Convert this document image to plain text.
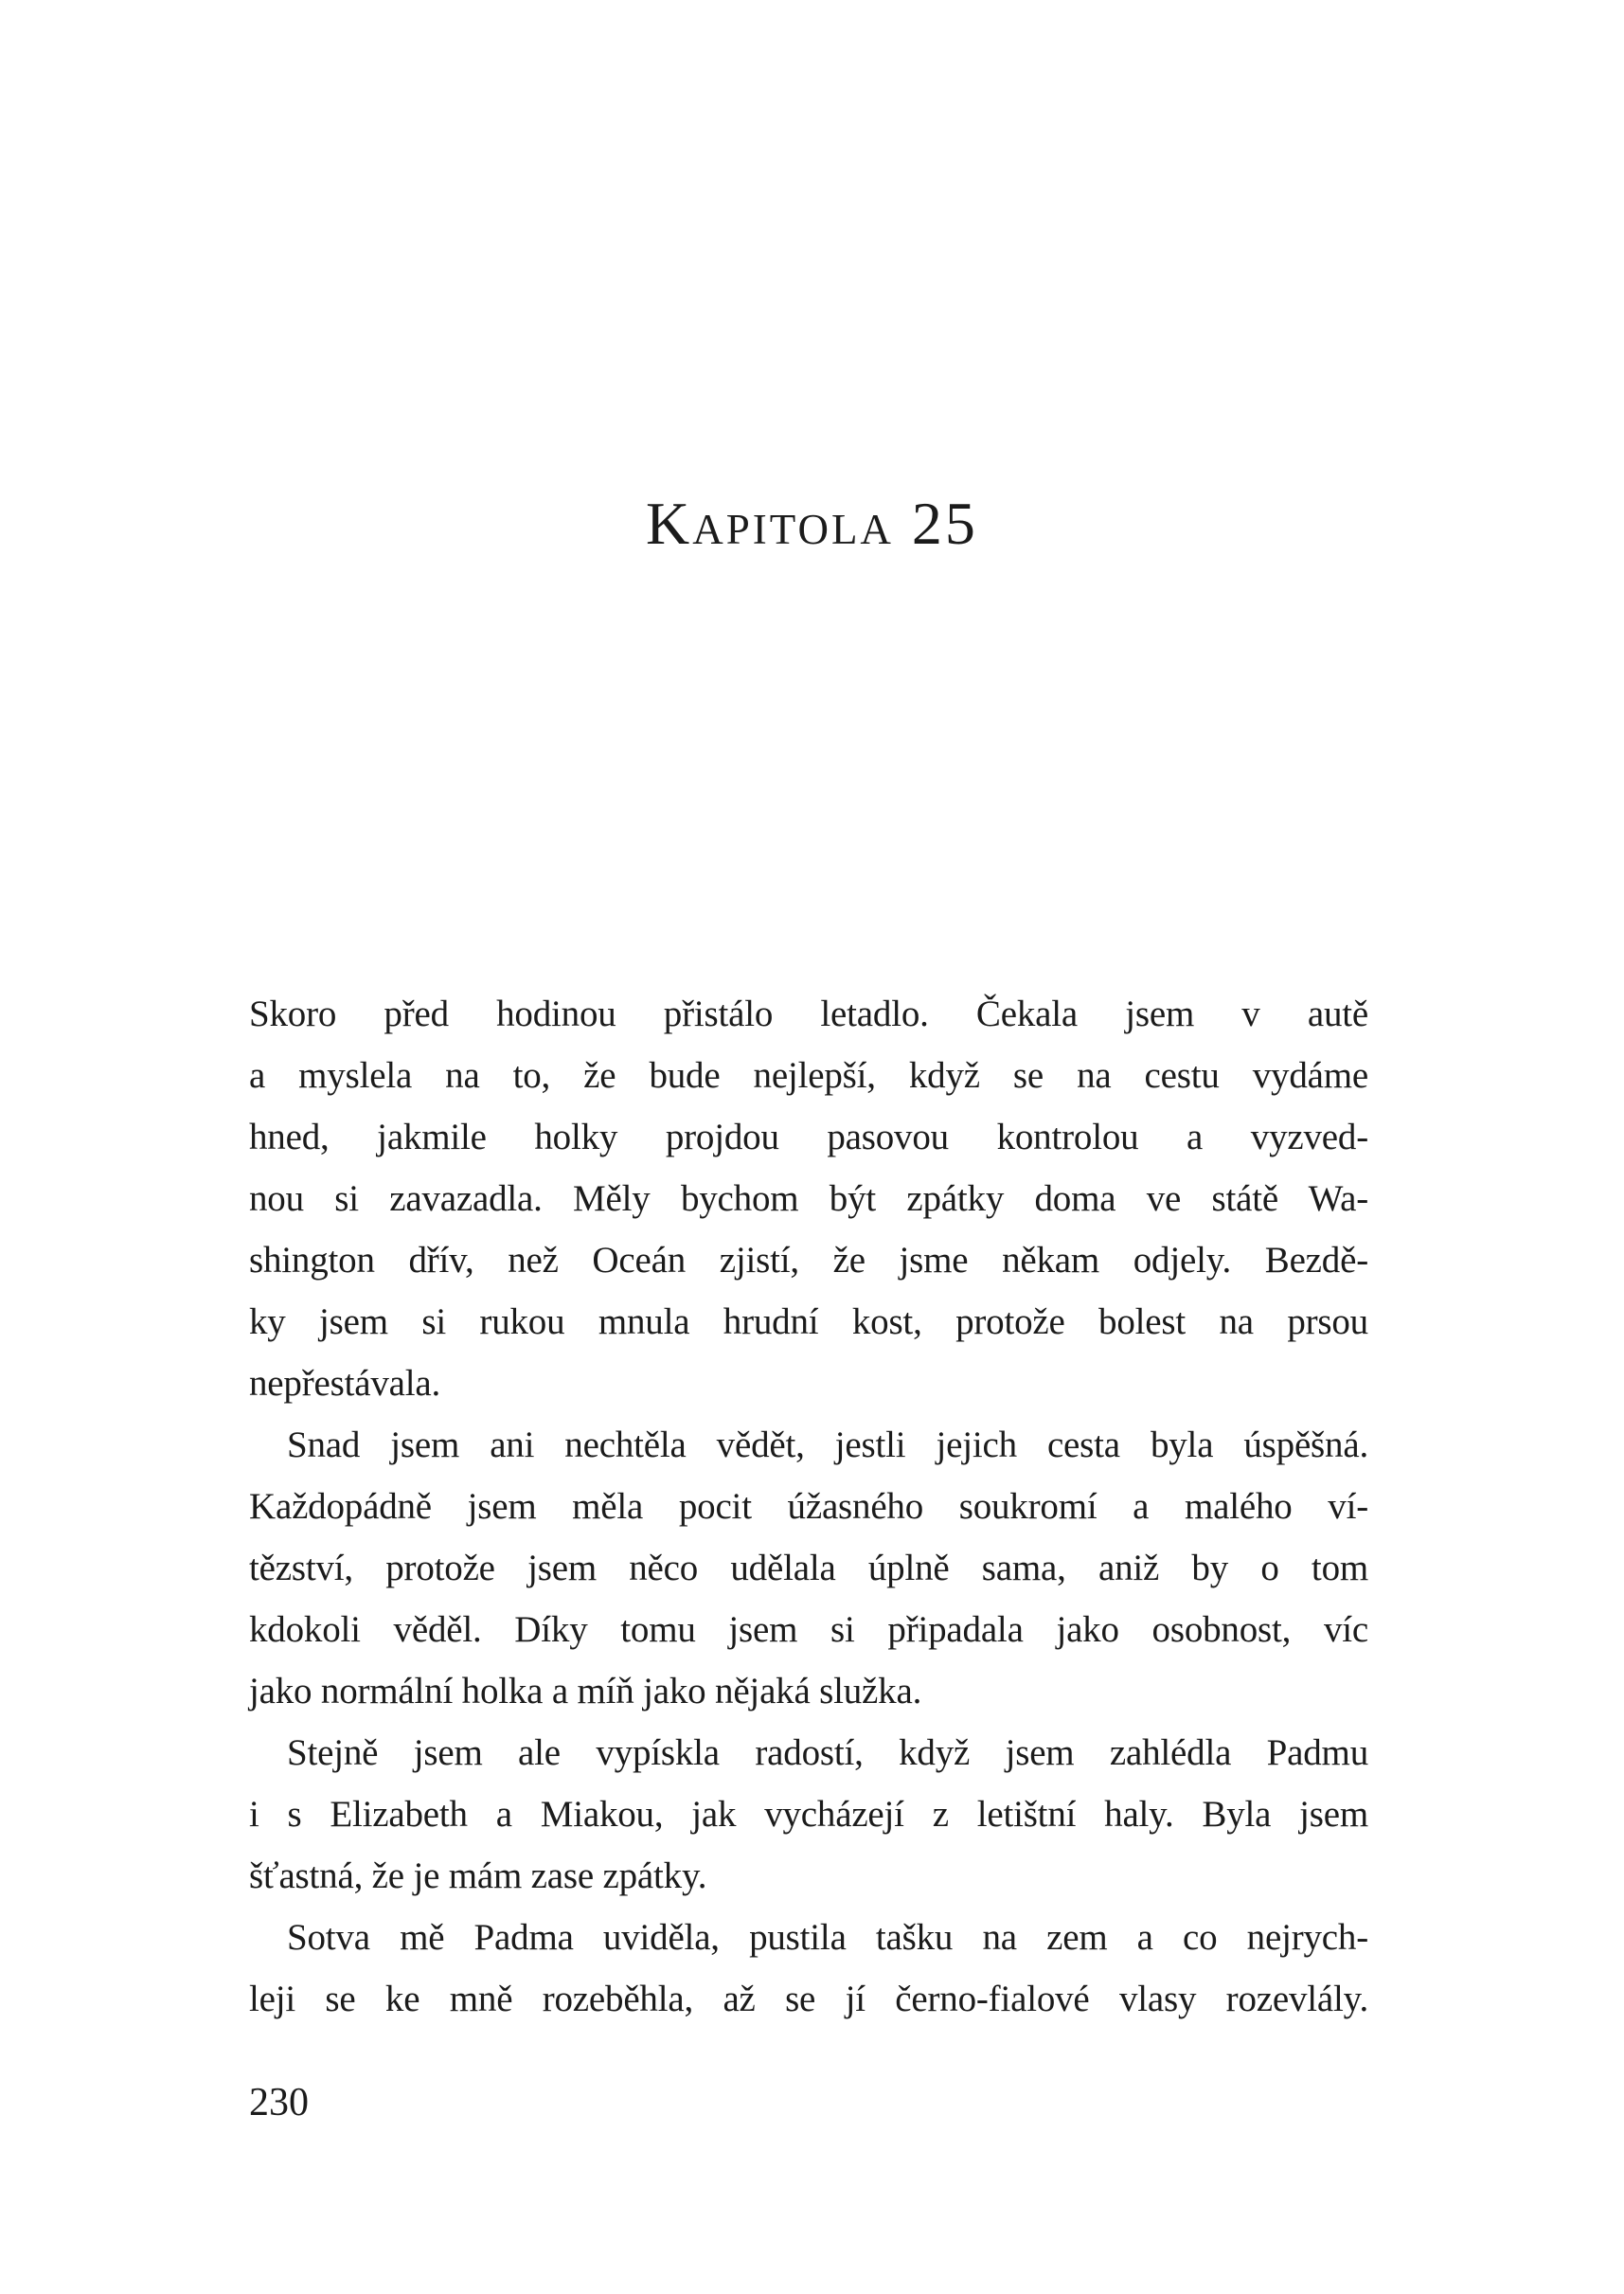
Kapitola 25
Skoro před hodinou přistálo letadlo. Čekala jsem v autě
a myslela na to, že bude nejlepší, když se na cestu vydáme
hned, jakmile holky projdou pasovou kontrolou a vyzved-
nou si zavazadla. Měly bychom být zpátky doma ve státě Wa-
shington dřív, než Oceán zjistí, že jsme někam odjely. Bezdě-
ky jsem si rukou mnula hrudní kost, protože bolest na prsou
nepřestávala.
Snad jsem ani nechtěla vědět, jestli jejich cesta byla úspěšná.
Každopádně jsem měla pocit úžasného soukromí a malého ví-
tězství, protože jsem něco udělala úplně sama, aniž by o tom
kdokoli věděl. Díky tomu jsem si připadala jako osobnost, víc
jako normální holka a míň jako nějaká služka.
Stejně jsem ale vypískla radostí, když jsem zahlédla Padmu
i s Elizabeth a Miakou, jak vycházejí z letištní haly. Byla jsem
šťastná, že je mám zase zpátky.
Sotva mě Padma uviděla, pustila tašku na zem a co nejrych-
leji se ke mně rozeběhla, až se jí černo-fialové vlasy rozevlály.
230
